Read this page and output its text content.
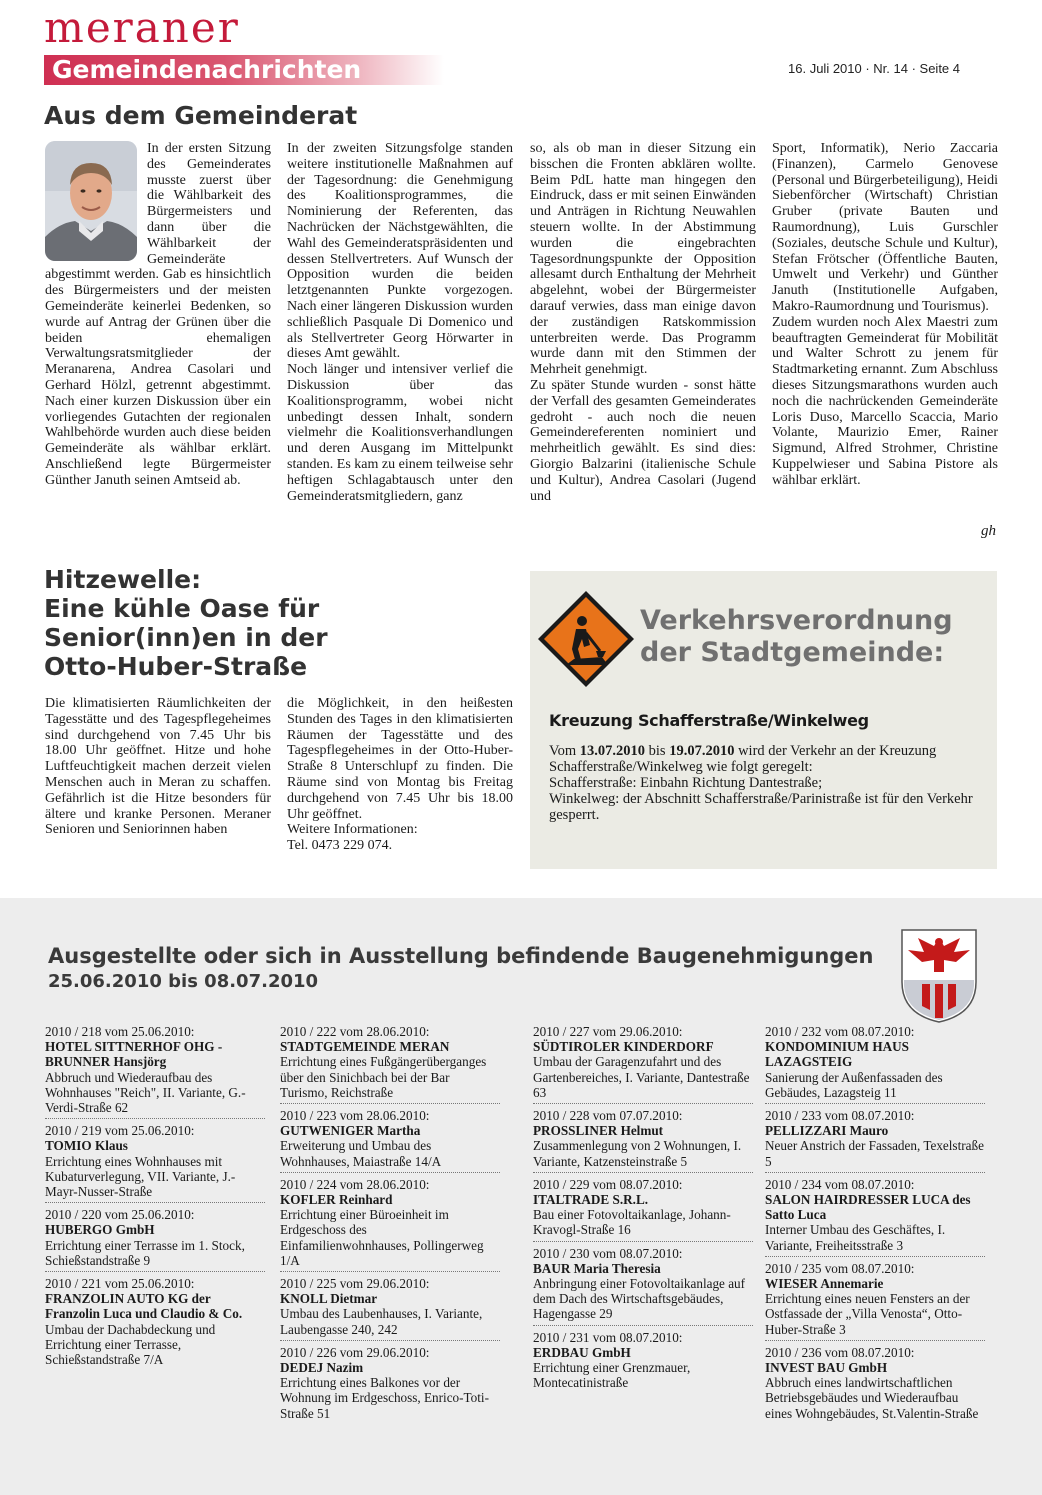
meraner
Gemeindenachrichten	16. Juli 2010 · Nr. 14 · Seite 4
Aus dem Gemeinderat

In der ersten Sitzung des Gemeinderates musste zuerst über die Wählbarkeit des Bürgermeisters und dann über die Wählbarkeit der Gemeinderäte abgestimmt werden. Gab es hinsichtlich des Bürgermeisters und der meisten Gemeinderäte keinerlei Bedenken, so wurde auf Antrag der Grünen über die beiden ehemaligen Verwaltungsratsmitglieder der Meranarena, Andrea Casolari und Gerhard Hölzl, getrennt abgestimmt. Nach einer kurzen Diskussion über ein vorliegendes Gutachten der regionalen Wahlbehörde wurden auch diese beiden Gemeinderäte als wählbar erklärt. Anschließend legte Bürgermeister Günther Januth seinen Amtseid ab.

In der zweiten Sitzungsfolge standen weitere institutionelle Maßnahmen auf der Tagesordnung: die Genehmigung des Koalitionsprogrammes, die Nominierung der Referenten, das Nachrücken der Nächstgewählten, die Wahl des Gemeinderatspräsidenten und dessen Stellvertreters. Auf Wunsch der Opposition wurden die beiden letztgenannten Punkte vorgezogen. Nach einer längeren Diskussion wurden schließlich Pasquale Di Domenico und als Stellvertreter Georg Hörwarter in dieses Amt gewählt.

Noch länger und intensiver verlief die Diskussion über das Koalitionsprogramm, wobei nicht unbedingt dessen Inhalt, sondern vielmehr die Koalitionsverhandlungen und deren Ausgang im Mittelpunkt standen. Es kam zu einem teilweise sehr heftigen Schlagabtausch unter den Gemeinderatsmitgliedern, ganz

so, als ob man in dieser Sitzung ein bisschen die Fronten abklären wollte. Beim PdL hatte man hingegen den Eindruck, dass er mit seinen Einwänden und Anträgen in Richtung Neuwahlen steuern wollte. In der Abstimmung wurden die eingebrachten Tagesordnungspunkte der Opposition allesamt durch Enthaltung der Mehrheit abgelehnt, wobei der Bürgermeister darauf verwies, dass man einige davon der zuständigen Ratskommission unterbreiten werde. Das Programm wurde dann mit den Stimmen der Mehrheit genehmigt.

Zu später Stunde wurden - sonst hätte der Verfall des gesamten Gemeinderates gedroht - auch noch die neuen Gemeindereferenten nominiert und mehrheitlich gewählt. Es sind dies: Giorgio Balzarini (italienische Schule und Kultur), Andrea Casolari (Jugend und

Sport, Informatik), Nerio Zaccaria (Finanzen), Carmelo Genovese (Personal und Bürgerbeteiligung), Heidi Siebenförcher (Wirtschaft) Christian Gruber (private Bauten und Raumordnung), Luis Gurschler (Soziales, deutsche Schule und Kultur), Stefan Frötscher (Öffentliche Bauten, Umwelt und Verkehr) und Günther Januth (Institutionelle Aufgaben, Makro-Raumordnung und Tourismus).

Zudem wurden noch Alex Maestri zum beauftragten Gemeinderat für Mobilität und Walter Schrott zu jenem für Stadtmarketing ernannt. Zum Abschluss dieses Sitzungsmarathons wurden auch noch die nachrückenden Gemeinderäte Loris Duso, Marcello Scaccia, Mario Volante, Maurizio Emer, Rainer Sigmund, Alfred Strohmer, Christine Kuppelwieser und Sabina Pistore als wählbar erklärt.

gh
Hitzewelle:
Eine kühle Oase für
Senior(inn)en in der
Otto-Huber-Straße

Die klimatisierten Räumlichkeiten der Tagesstätte und des Tagespflegeheimes sind durchgehend von 7.45 Uhr bis 18.00 Uhr geöffnet. Hitze und hohe Luftfeuchtigkeit machen derzeit vielen Menschen auch in Meran zu schaffen. Gefährlich ist die Hitze besonders für ältere und kranke Personen. Meraner Senioren und Seniorinnen haben

die Möglichkeit, in den heißesten Stunden des Tages in den klimatisierten Räumen der Tagesstätte und des Tagespflegeheimes in der Otto-Huber-Straße 8 Unterschlupf zu finden. Die Räume sind von Montag bis Freitag durchgehend von 7.45 Uhr bis 18.00 Uhr geöffnet.

Weitere Informationen:

Tel. 0473 229 074.

Verkehrsverordnung
der Stadtgemeinde:
Kreuzung Schafferstraße/Winkelweg
Vom 13.07.2010 bis 19.07.2010 wird der Verkehr an der Kreuzung Schafferstraße/Winkelweg wie folgt geregelt:
Schafferstraße: Einbahn Richtung Dantestraße;
Winkelweg: der Abschnitt Schafferstraße/Parinistraße ist für den Verkehr gesperrt.
Ausgestellte oder sich in Ausstellung befindende Baugenehmigungen
25.06.2010 bis 08.07.2010
2010 / 218 vom 25.06.2010:
HOTEL SITTNERHOF OHG - BRUNNER Hansjörg
Abbruch und Wiederaufbau des Wohnhauses "Reich", II. Variante, G.-Verdi-Straße 62
2010 / 219 vom 25.06.2010:
TOMIO Klaus
Errichtung eines Wohnhauses mit Kubaturverlegung, VII. Variante, J.-Mayr-Nusser-Straße
2010 / 220 vom 25.06.2010:
HUBERGO GmbH
Errichtung einer Terrasse im 1. Stock, Schießstandstraße 9
2010 / 221 vom 25.06.2010:
FRANZOLIN AUTO KG der Franzolin Luca und Claudio & Co.
Umbau der Dachabdeckung und Errichtung einer Terrasse, Schießstandstraße 7/A
2010 / 222 vom 28.06.2010:
STADTGEMEINDE MERAN
Errichtung eines Fußgängerüberganges über den Sinichbach bei der Bar Turismo, Reichstraße
2010 / 223 vom 28.06.2010:
GUTWENIGER Martha
Erweiterung und Umbau des Wohnhauses, Maiastraße 14/A
2010 / 224 vom 28.06.2010:
KOFLER Reinhard
Errichtung einer Büroeinheit im Erdgeschoss des Einfamilienwohnhauses, Pollingerweg 1/A
2010 / 225 vom 29.06.2010:
KNOLL Dietmar
Umbau des Laubenhauses, I. Variante, Laubengasse 240, 242
2010 / 226 vom 29.06.2010:
DEDEJ Nazim
Errichtung eines Balkones vor der Wohnung im Erdgeschoss, Enrico-Toti-Straße 51
2010 / 227 vom 29.06.2010:
SÜDTIROLER KINDERDORF
Umbau der Garagenzufahrt und des Gartenbereiches, I. Variante, Dantestraße 63
2010 / 228 vom 07.07.2010:
PROSSLINER Helmut
Zusammenlegung von 2 Wohnungen, I. Variante, Katzensteinstraße 5
2010 / 229 vom 08.07.2010:
ITALTRADE S.R.L.
Bau einer Fotovoltaikanlage, Johann-Kravogl-Straße 16
2010 / 230 vom 08.07.2010:
BAUR Maria Theresia
Anbringung einer Fotovoltaikanlage auf dem Dach des Wirtschaftsgebäudes, Hagengasse 29
2010 / 231 vom 08.07.2010:
ERDBAU GmbH
Errichtung einer Grenzmauer, Montecatinistraße
2010 / 232 vom 08.07.2010:
KONDOMINIUM HAUS LAZAGSTEIG
Sanierung der Außenfassaden des Gebäudes, Lazagsteig 11
2010 / 233 vom 08.07.2010:
PELLIZZARI Mauro
Neuer Anstrich der Fassaden, Texelstraße 5
2010 / 234 vom 08.07.2010:
SALON HAIRDRESSER LUCA des Satto Luca
Interner Umbau des Geschäftes, I. Variante, Freiheitsstraße 3
2010 / 235 vom 08.07.2010:
WIESER Annemarie
Errichtung eines neuen Fensters an der Ostfassade der „Villa Venosta“, Otto-Huber-Straße 3
2010 / 236 vom 08.07.2010:
INVEST BAU GmbH
Abbruch eines landwirtschaftlichen Betriebsgebäudes und Wiederaufbau eines Wohngebäudes, St.Valentin-Straße
